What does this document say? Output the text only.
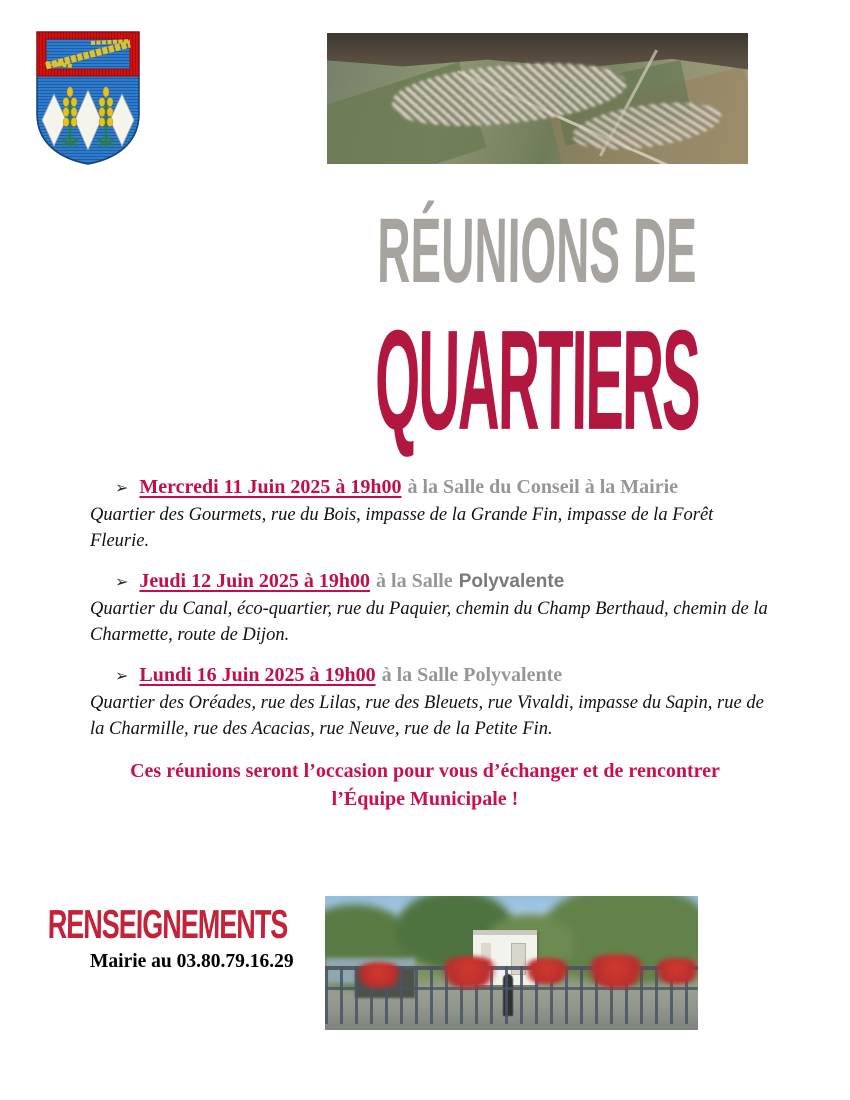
RÉUNIONS DE
QUARTIERS
➢ Mercredi 11 Juin 2025 à 19h00 à la Salle du Conseil à la Mairie
Quartier des Gourmets, rue du Bois, impasse de la Grande Fin, impasse de la Forêt Fleurie.
➢ Jeudi 12 Juin 2025 à 19h00 à la Salle Polyvalente
Quartier du Canal, éco-quartier, rue du Paquier, chemin du Champ Berthaud, chemin de la Charmette, route de Dijon.
➢ Lundi 16 Juin 2025 à 19h00 à la Salle Polyvalente
Quartier des Oréades, rue des Lilas, rue des Bleuets, rue Vivaldi, impasse du Sapin, rue de la Charmille, rue des Acacias, rue Neuve, rue de la Petite Fin.
Ces réunions seront l’occasion pour vous d’échanger et de rencontrer
l’Équipe Municipale !
RENSEIGNEMENTS
Mairie au 03.80.79.16.29
